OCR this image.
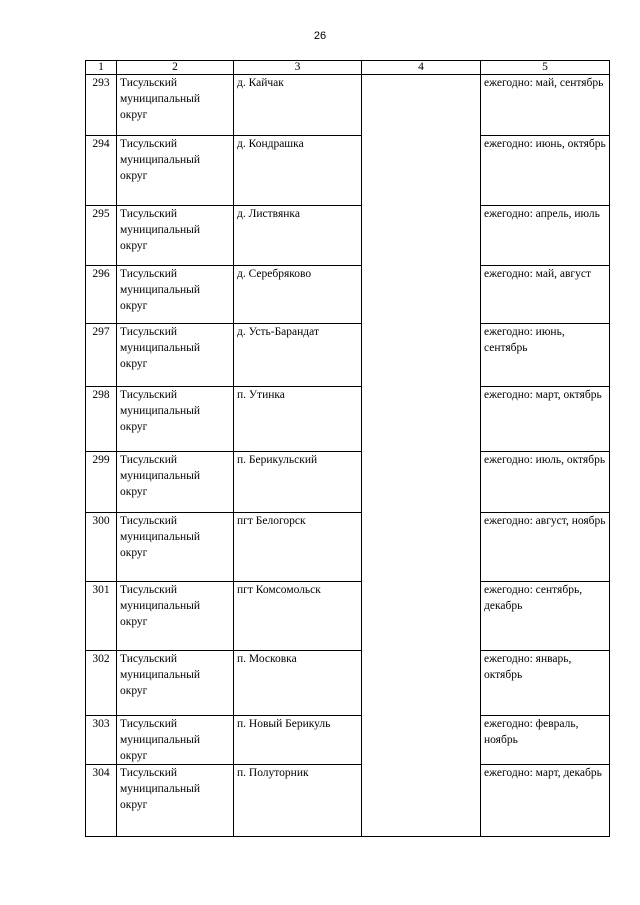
26
1	2	3	4	5
293	Тисульский муниципальный округ	д. Кайчак		ежегодно: май, сентябрь
294	Тисульский муниципальный округ	д. Кондрашка		ежегодно: июнь, октябрь
295	Тисульский муниципальный округ	д. Листвянка		ежегодно: апрель, июль
296	Тисульский муниципальный округ	д. Серебряково		ежегодно: май, август
297	Тисульский муниципальный округ	д. Усть-Барандат		ежегодно: июнь, сентябрь
298	Тисульский муниципальный округ	п. Утинка		ежегодно: март, октябрь
299	Тисульский муниципальный округ	п. Берикульский		ежегодно: июль, октябрь
300	Тисульский муниципальный округ	пгт Белогорск		ежегодно: август, ноябрь
301	Тисульский муниципальный округ	пгт Комсомольск		ежегодно: сентябрь, декабрь
302	Тисульский муниципальный округ	п. Московка		ежегодно: январь, октябрь
303	Тисульский муниципальный округ	п. Новый Берикуль		ежегодно: февраль, ноябрь
304	Тисульский муниципальный округ	п. Полуторник		ежегодно: март, декабрь
